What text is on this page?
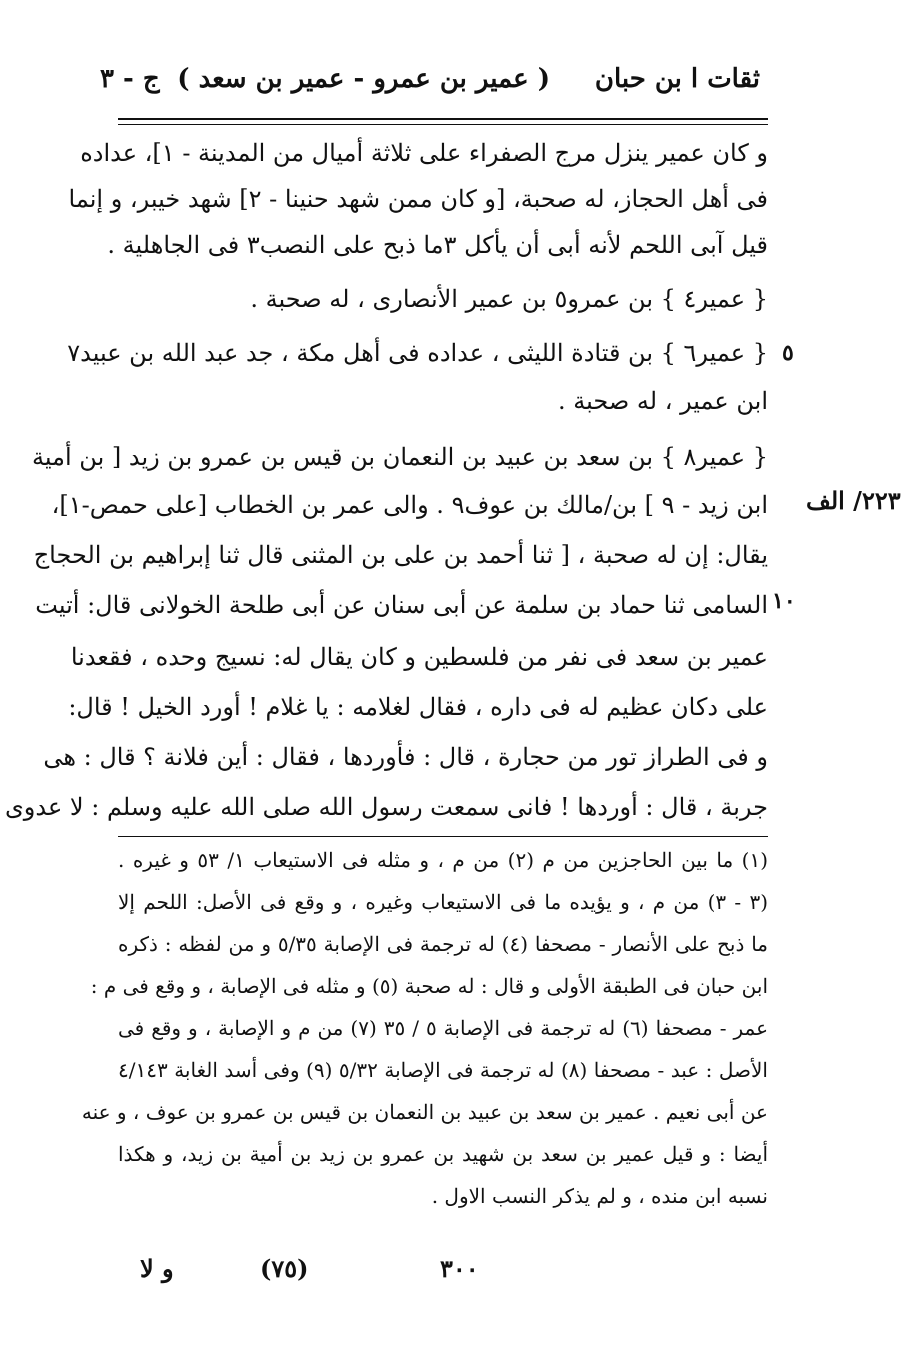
ثقات ا بن حبان
( عمير بن عمرو - عمير بن سعد )
ج - ٣
و كان عمير ينزل مرج الصفراء على ثلاثة أميال من المدينة - ١]، عداده
فى أهل الحجاز، له صحبة، [و كان ممن شهد حنينا - ٢] شهد خيبر، و إنما
قيل آبى اللحم لأنه أبى أن يأكل ٣ما ذبح على النصب٣ فى الجاهلية .
{ عمير٤ } بن عمرو٥ بن عمير الأنصارى ، له صحبة .
{ عمير٦ } بن قتادة الليثى ، عداده فى أهل مكة ، جد عبد الله بن عبيد٧
ابن عمير ، له صحبة .
{ عمير٨ } بن سعد بن عبيد بن النعمان بن قيس بن عمرو بن زيد [ بن أمية
ابن زيد - ٩ ] بن/مالك بن عوف٩ . والى عمر بن الخطاب [على حمص-١]،
يقال: إن له صحبة ، [ ثنا أحمد بن على بن المثنى قال ثنا إبراهيم بن الحجاج
السامى ثنا حماد بن سلمة عن أبى سنان عن أبى طلحة الخولانى قال: أتيت
عمير بن سعد فى نفر من فلسطين و كان يقال له: نسيج وحده ، فقعدنا
على دكان عظيم له فى داره ، فقال لغلامه : يا غلام ! أورد الخيل ! قال:
و فى الطراز تور من حجارة ، قال : فأوردها ، فقال : أين فلانة ؟ قال : هى
جربة ، قال : أوردها ! فانى سمعت رسول الله صلى الله عليه وسلم : لا عدوى
٥
١٠
٢٢٣/ الف
(١) ما بين الحاجزين من م (٢) من م ، و مثله فى الاستيعاب ١/ ٥٣ و غيره .
(٣ - ٣) من م ، و يؤيده ما فى الاستيعاب وغيره ، و وقع فى الأصل: اللحم إلا
ما ذبح على الأنصار - مصحفا (٤) له ترجمة فى الإصابة ٥/٣٥ و من لفظه : ذكره
ابن حبان فى الطبقة الأولى و قال : له صحبة (٥) و مثله فى الإصابة ، و وقع فى م :
عمر - مصحفا (٦) له ترجمة فى الإصابة ٥ / ٣٥ (٧) من م و الإصابة ، و وقع فى
الأصل : عبد - مصحفا (٨) له ترجمة فى الإصابة ٥/٣٢ (٩) وفى أسد الغابة ٤/١٤٣
عن أبى نعيم . عمير بن سعد بن عبيد بن النعمان بن قيس بن عمرو بن عوف ، و عنه
أيضا : و قيل عمير بن سعد بن شهيد بن عمرو بن زيد بن أمية بن زيد، و هكذا
نسبه ابن منده ، و لم يذكر النسب الاول .
٣٠٠
(٧٥)
و لا
